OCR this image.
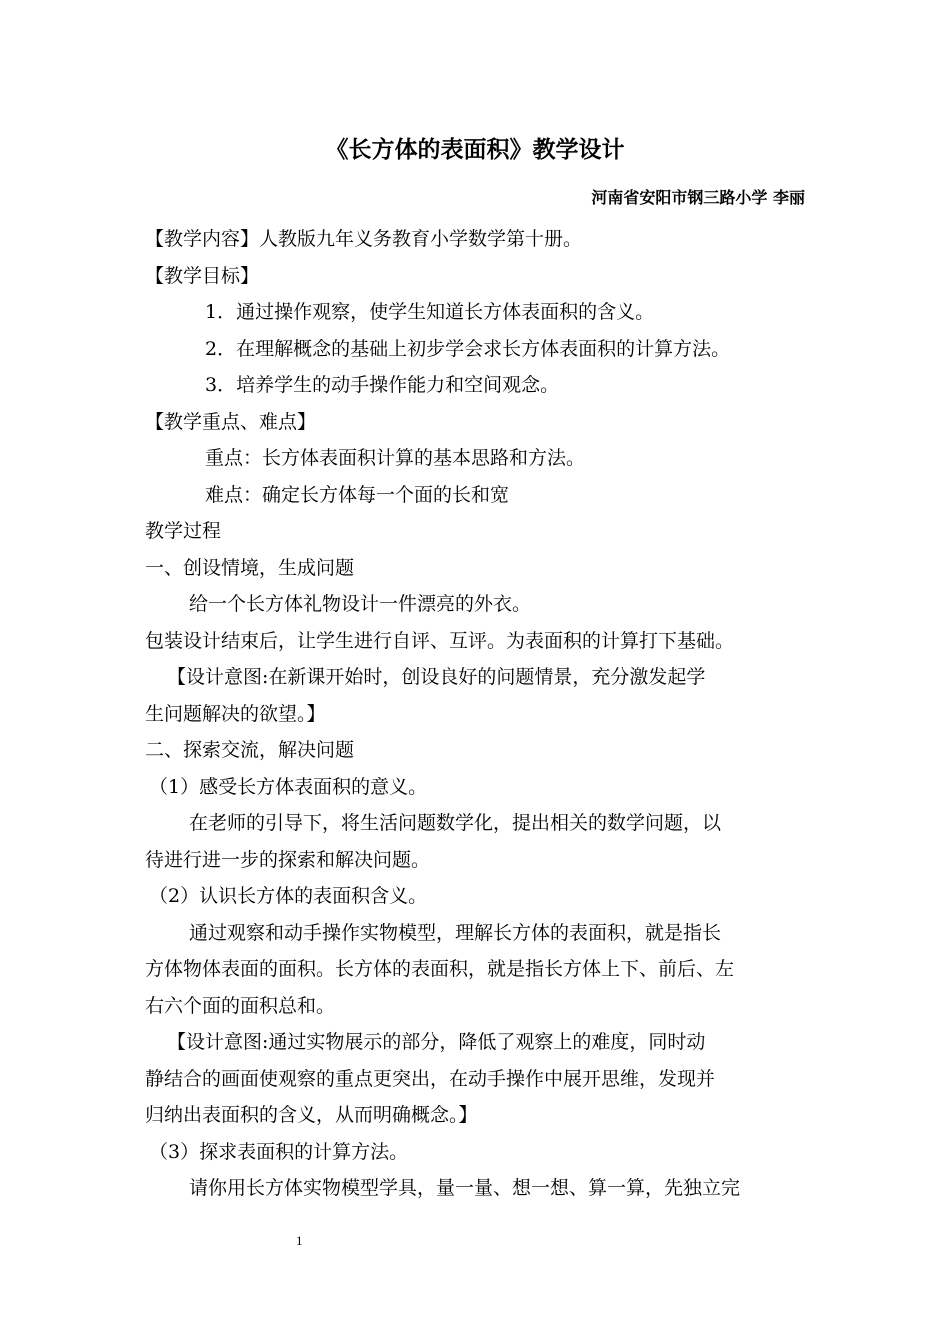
《长方体的表面积》教学设计
河南省安阳市钢三路小学 李丽
【教学内容】人教版九年义务教育小学数学第十册。
【教学目标】
1．通过操作观察，使学生知道长方体表面积的含义。
2．在理解概念的基础上初步学会求长方体表面积的计算方法。
3．培养学生的动手操作能力和空间观念。
【教学重点、难点】
重点：长方体表面积计算的基本思路和方法。
难点：确定长方体每一个面的长和宽
教学过程
一、创设情境，生成问题
给一个长方体礼物设计一件漂亮的外衣。
包装设计结束后，让学生进行自评、互评。为表面积的计算打下基础。
【设计意图:在新课开始时，创设良好的问题情景，充分激发起学
生问题解决的欲望。】
二、探索交流，解决问题
（1）感受长方体表面积的意义。
在老师的引导下，将生活问题数学化，提出相关的数学问题，以
待进行进一步的探索和解决问题。
（2）认识长方体的表面积含义。
通过观察和动手操作实物模型，理解长方体的表面积，就是指长
方体物体表面的面积。长方体的表面积，就是指长方体上下、前后、左
右六个面的面积总和。
【设计意图:通过实物展示的部分，降低了观察上的难度，同时动
静结合的画面使观察的重点更突出，在动手操作中展开思维，发现并
归纳出表面积的含义，从而明确概念。】
（3）探求表面积的计算方法。
请你用长方体实物模型学具，量一量、想一想、算一算，先独立完
1
